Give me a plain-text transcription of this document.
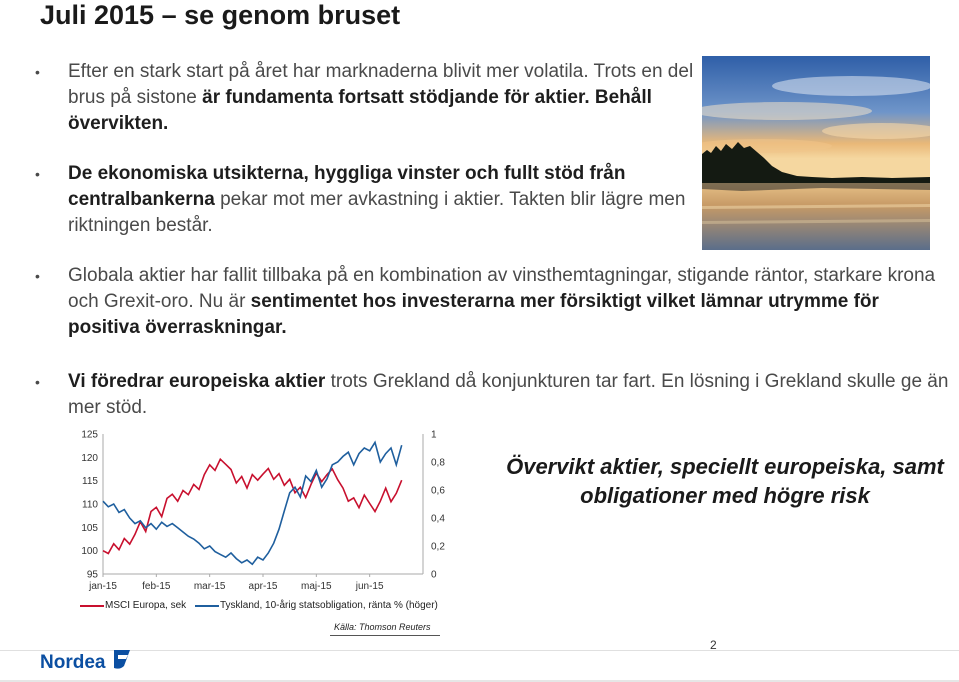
Juli 2015 – se genom bruset
• Efter en stark start på året har marknaderna blivit mer volatila. Trots en del brus på sistone är fundamenta fortsatt stödjande för aktier. Behåll övervikten.
• De ekonomiska utsikterna, hyggliga vinster och fullt stöd från centralbankerna pekar mot mer avkastning i aktier. Takten blir lägre men riktningen består.
• Globala aktier har fallit tillbaka på en kombination av vinsthemtagningar, stigande räntor, starkare krona och Grexit-oro. Nu är sentimentet hos investerarna mer försiktigt vilket lämnar utrymme för positiva överraskningar.
• Vi föredrar europeiska aktier trots Grekland då konjunkturen tar fart. En lösning i Grekland skulle ge än mer stöd.
95
100
105
110
115
120
125
0
0,2
0,4
0,6
0,8
1
jan-15	feb-15 mar-15 apr-15 maj-15 jun-15
MSCI Europa, sek	Tyskland, 10-årig statsobligation, ränta % (höger)
Källa: Thomson Reuters
Övervikt aktier, speciellt europeiska, samt obligationer med högre risk
Nordea
2
